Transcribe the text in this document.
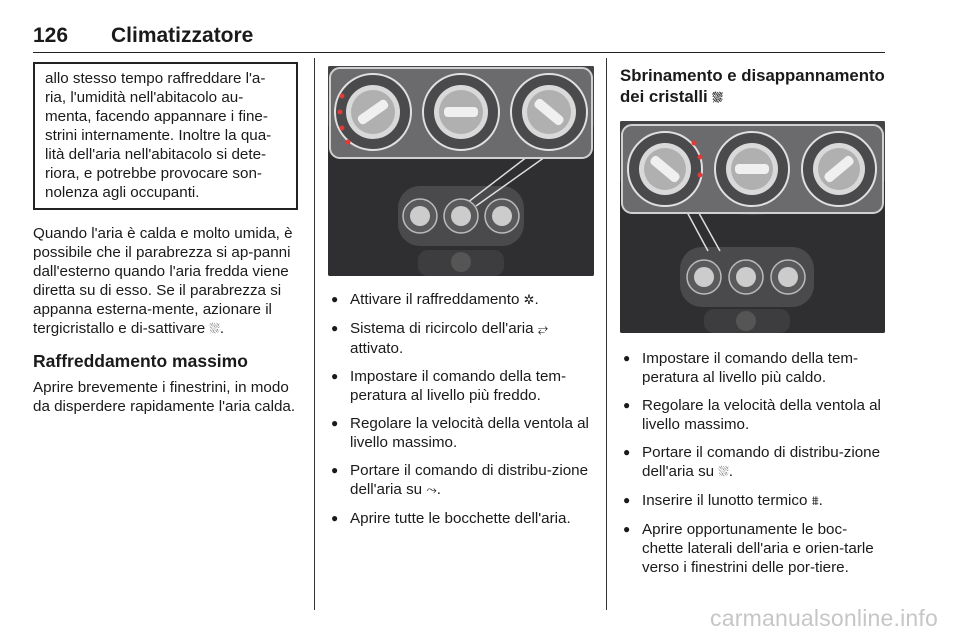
126 Climatizzatore

allo stesso tempo raffreddare l'a-ria, l'umidità nell'abitacolo au-menta, facendo appannare i fine-strini internamente. Inoltre la qua-lità dell'aria nell'abitacolo si dete-riora, e potrebbe provocare son-nolenza agli occupanti.

Quando l'aria è calda e molto umida, è possibile che il parabrezza si ap-panni dall'esterno quando l'aria fredda viene diretta su di esso. Se il parabrezza si appanna esterna-mente, azionare il tergicristallo e di-sattivare ⛆.

Raffreddamento massimo

Aprire brevemente i finestrini, in modo da disperdere rapidamente l'aria calda.

● Attivare il raffreddamento ✲.
● Sistema di ricircolo dell'aria ⥂
attivato.
● Impostare il comando della tem-peratura al livello più freddo.
● Regolare la velocità della ventola al livello massimo.
● Portare il comando di distribu-zione dell'aria su ⤳.
● Aprire tutte le bocchette dell'aria.
Sbrinamento e disappannamento dei cristalli ⛆
● Impostare il comando della tem-peratura al livello più caldo.
● Regolare la velocità della ventola al livello massimo.
● Portare il comando di distribu-zione dell'aria su ⛆.
● Inserire il lunotto termico ⩩.
● Aprire opportunamente le boc-chette laterali dell'aria e orien-tarle verso i finestrini delle por-tiere.
carmanualsonline.info
